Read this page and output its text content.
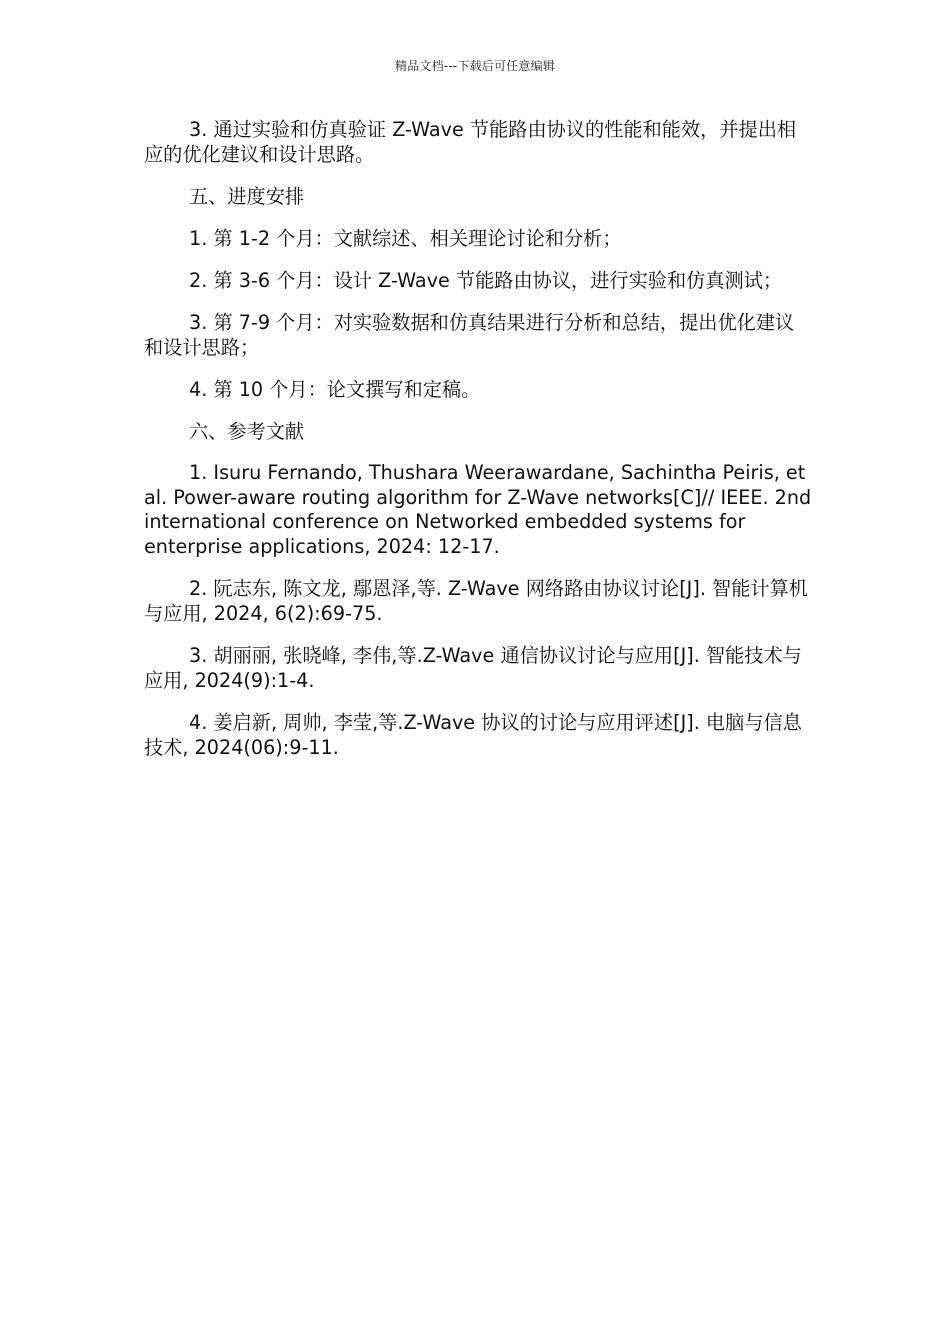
精品文档---下载后可任意编辑

3. 通过实验和仿真验证 Z-Wave 节能路由协议的性能和能效，并提出相应的优化建议和设计思路。

五、进度安排

1. 第 1-2 个月：文献综述、相关理论讨论和分析；

2. 第 3-6 个月：设计 Z-Wave 节能路由协议，进行实验和仿真测试；

3. 第 7-9 个月：对实验数据和仿真结果进行分析和总结，提出优化建议和设计思路；

4. 第 10 个月：论文撰写和定稿。

六、参考文献

1. Isuru Fernando, Thushara Weerawardane, Sachintha Peiris, et al. Power-aware routing algorithm for Z-Wave networks[C]// IEEE. 2nd international conference on Networked embedded systems for enterprise applications, 2024: 12-17.

2. 阮志东, 陈文龙, 鄢恩泽,等. Z-Wave 网络路由协议讨论[J]. 智能计算机与应用, 2024, 6(2):69-75.

3. 胡丽丽, 张晓峰, 李伟,等.Z-Wave 通信协议讨论与应用[J]. 智能技术与应用, 2024(9):1-4.

4. 姜启新, 周帅, 李莹,等.Z-Wave 协议的讨论与应用评述[J]. 电脑与信息技术, 2024(06):9-11.
